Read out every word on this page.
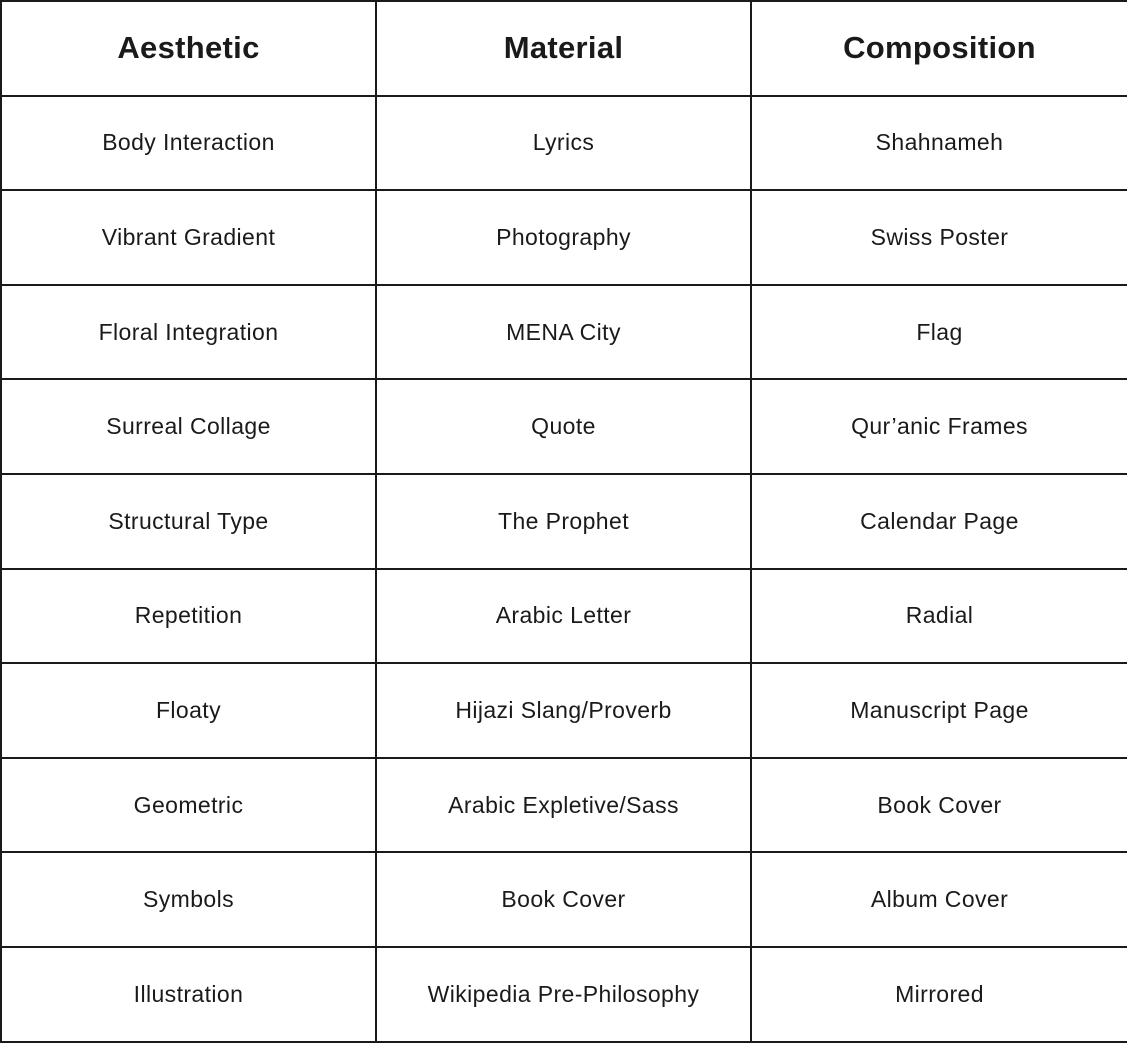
Aesthetic	Material	Composition
Body Interaction	Lyrics	Shahnameh
Vibrant Gradient	Photography	Swiss Poster
Floral Integration	MENA City	Flag
Surreal Collage	Quote	Qur’anic Frames
Structural Type	The Prophet	Calendar Page
Repetition	Arabic Letter	Radial
Floaty	Hijazi Slang/Proverb	Manuscript Page
Geometric	Arabic Expletive/Sass	Book Cover
Symbols	Book Cover	Album Cover
Illustration	Wikipedia Pre-Philosophy	Mirrored
